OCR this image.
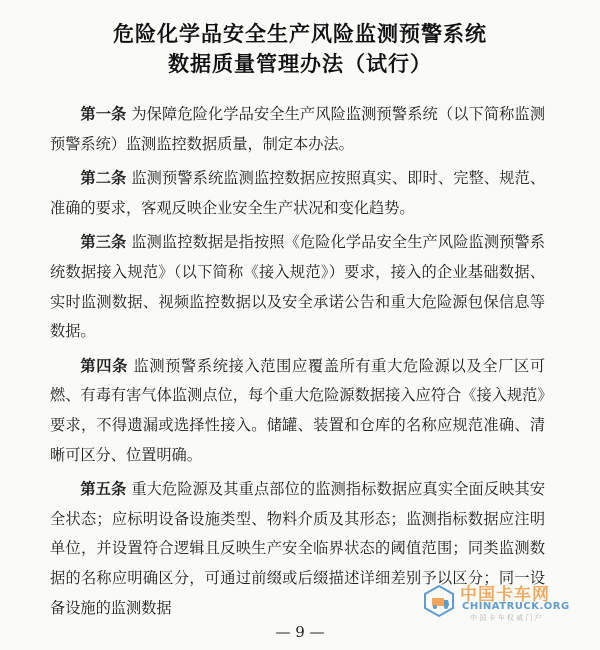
危险化学品安全生产风险监测预警系统
数据质量管理办法（试行）

第一条 为保障危险化学品安全生产风险监测预警系统（以下简称监测预警系统）监测监控数据质量，制定本办法。

第二条 监测预警系统监测监控数据应按照真实、即时、完整、规范、准确的要求，客观反映企业安全生产状况和变化趋势。

第三条 监测监控数据是指按照《危险化学品安全生产风险监测预警系统数据接入规范》（以下简称《接入规范》）要求，接入的企业基础数据、实时监测数据、视频监控数据以及安全承诺公告和重大危险源包保信息等数据。

第四条 监测预警系统接入范围应覆盖所有重大危险源以及全厂区可燃、有毒有害气体监测点位，每个重大危险源数据接入应符合《接入规范》要求，不得遗漏或选择性接入。储罐、装置和仓库的名称应规范准确、清晰可区分、位置明确。

第五条 重大危险源及其重点部位的监测指标数据应真实全面反映其安全状态；应标明设备设施类型、物料介质及其形态；监测指标数据应注明单位，并设置符合逻辑且反映生产安全临界状态的阈值范围；同类监测数据的名称应明确区分，可通过前缀或后缀描述详细差别予以区分；同一设备设施的监测数据

— 9 —
中国卡车网
CHINATRUCK.ORG
中 国 卡 车 权 威 门 户
